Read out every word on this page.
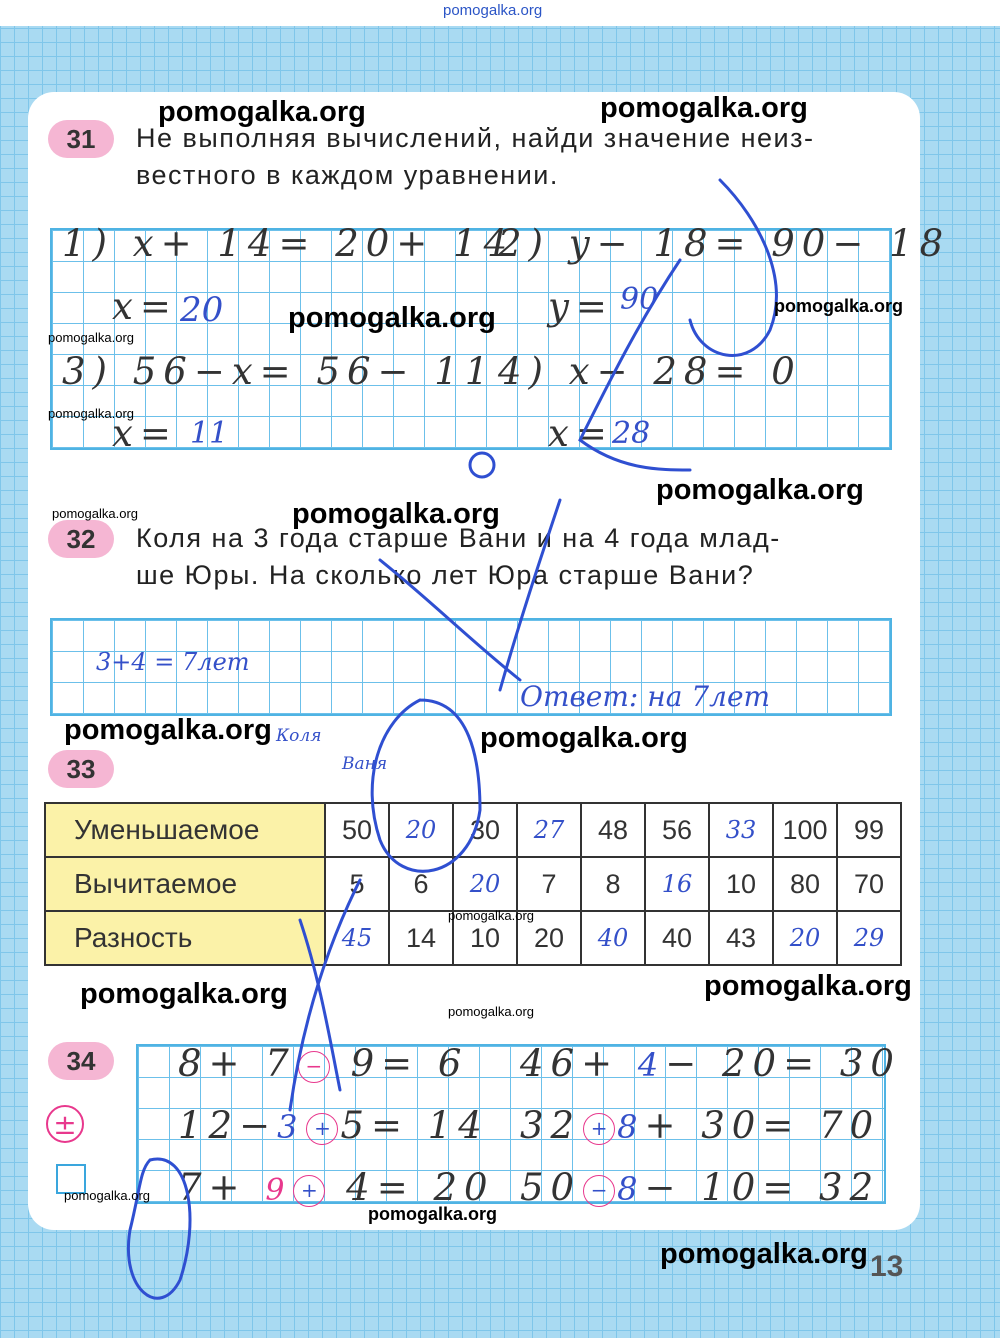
pomogalka.org
31	Не выполняя вычислений, найди значение неиз-
вестного в каждом уравнении.
1) x+ 14= 20+ 14
x= 20
2) y− 18= 90− 18
y= 90
3) 56−x= 56− 11
x= 11
4) x− 28= 0
x=
28
32	Коля на 3 года старше Вани и на 4 года млад-
ше Юры. На сколько лет Юра старше Вани?
3+4 = 7лет
Ответ: на 7лет
33
Коля
Ваня
Уменьшаемое	50	20	30	27	48	56	33	100	99
Вычитаемое	5	6	20	7	8	16	10	80	70
Разность	45	14	10	20	40	40	43	20	29
34
±
8+ 7 − 9= 6
12−3 + 5= 14
7+ 9 + 4= 20
46+ 4− 20= 30
32 + 8+ 30= 70
50 − 8− 10= 32
13
pomogalka.org	pomogalka.org
pomogalka.org	pomogalka.org
pomogalka.org
pomogalka.org
pomogalka.org
pomogalka.org	pomogalka.org
pomogalka.org	pomogalka.org
pomogalka.org
pomogalka.org	pomogalka.org
pomogalka.org
pomogalka.org
pomogalka.org
pomogalka.org
